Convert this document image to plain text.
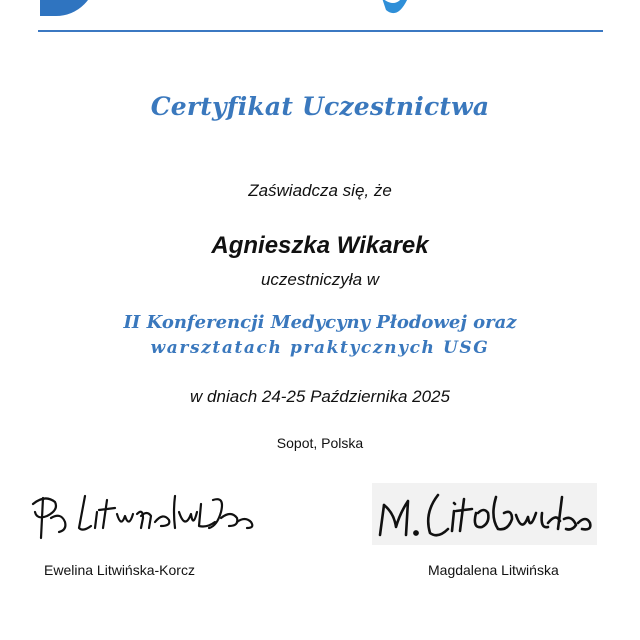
Certyfikat Uczestnictwa
Zaświadcza się, że
Agnieszka Wikarek
uczestniczyła w
II Konferencji Medycyny Płodowej oraz
warsztatach praktycznych USG
w dniach 24-25 Października 2025
Sopot, Polska
Ewelina Litwińska-Korcz	Magdalena Litwińska
